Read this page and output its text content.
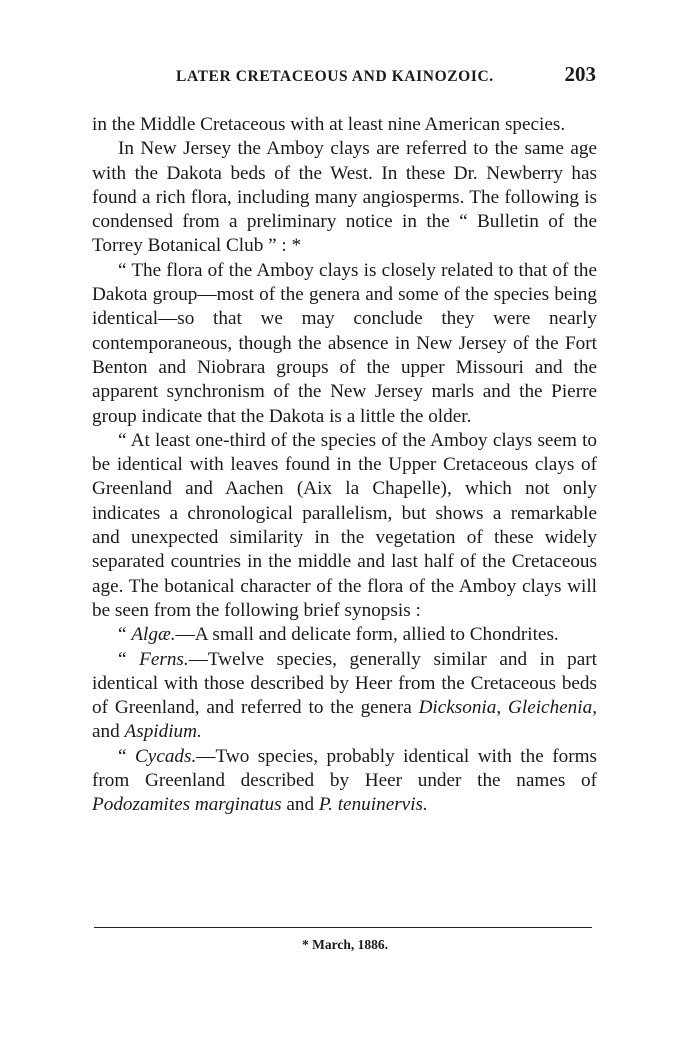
LATER CRETACEOUS AND KAINOZOIC.	203

in the Middle Cretaceous with at least nine American species.

In New Jersey the Amboy clays are referred to the same age with the Dakota beds of the West. In these Dr. Newberry has found a rich flora, including many angiosperms. The following is condensed from a preliminary notice in the “ Bulletin of the Torrey Botanical Club ” : *

“ The flora of the Amboy clays is closely related to that of the Dakota group—most of the genera and some of the species being identical—so that we may conclude they were nearly contemporaneous, though the absence in New Jersey of the Fort Benton and Niobrara groups of the upper Missouri and the apparent synchronism of the New Jersey marls and the Pierre group indicate that the Dakota is a little the older.

“ At least one-third of the species of the Amboy clays seem to be identical with leaves found in the Upper Cretaceous clays of Greenland and Aachen (Aix la Chapelle), which not only indicates a chronological parallelism, but shows a remarkable and unexpected similarity in the vegetation of these widely separated countries in the middle and last half of the Cretaceous age. The botanical character of the flora of the Amboy clays will be seen from the following brief synopsis :

“ Algæ.—A small and delicate form, allied to Chondrites.

“ Ferns.—Twelve species, generally similar and in part identical with those described by Heer from the Cretaceous beds of Greenland, and referred to the genera Dicksonia, Gleichenia, and Aspidium.

“ Cycads.—Two species, probably identical with the forms from Greenland described by Heer under the names of Podozamites marginatus and P. tenuinervis.

* March, 1886.
